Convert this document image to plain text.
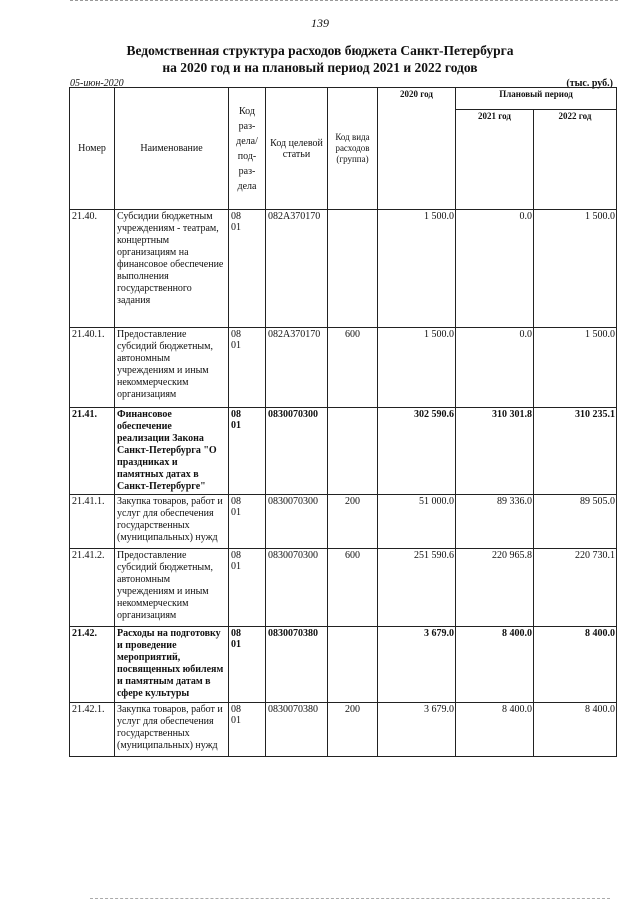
139
Ведомственная структура расходов бюджета Санкт-Петербурга
на 2020 год и на плановый период 2021 и 2022 годов
05-июн-2020	(тыс. руб.)
Номер	Наименование	Код раз-дела/ под-раз-дела	Код целевой статьи	Код вида расходов (группа)	2020 год	Плановый период	
						2021 год	2022 год
21.40.	Субсидии бюджетным учреждениям - театрам, концертным организациям на финансовое обеспечение выполнения государственного задания	0801	082А370170		1 500.0	0.0	1 500.0
21.40.1.	Предоставление субсидий бюджетным, автономным учреждениям и иным некоммерческим организациям	0801	082А370170	600	1 500.0	0.0	1 500.0
21.41.	Финансовое обеспечение реализации Закона Санкт-Петербурга "О праздниках и памятных датах в Санкт-Петербурге"	0801	0830070300		302 590.6	310 301.8	310 235.1
21.41.1.	Закупка товаров, работ и услуг для обеспечения государственных (муниципальных) нужд	0801	0830070300	200	51 000.0	89 336.0	89 505.0
21.41.2.	Предоставление субсидий бюджетным, автономным учреждениям и иным некоммерческим организациям	0801	0830070300	600	251 590.6	220 965.8	220 730.1
21.42.	Расходы на подготовку и проведение мероприятий, посвященных юбилеям и памятным датам в сфере культуры	0801	0830070380		3 679.0	8 400.0	8 400.0
21.42.1.	Закупка товаров, работ и услуг для обеспечения государственных (муниципальных) нужд	0801	0830070380	200	3 679.0	8 400.0	8 400.0
